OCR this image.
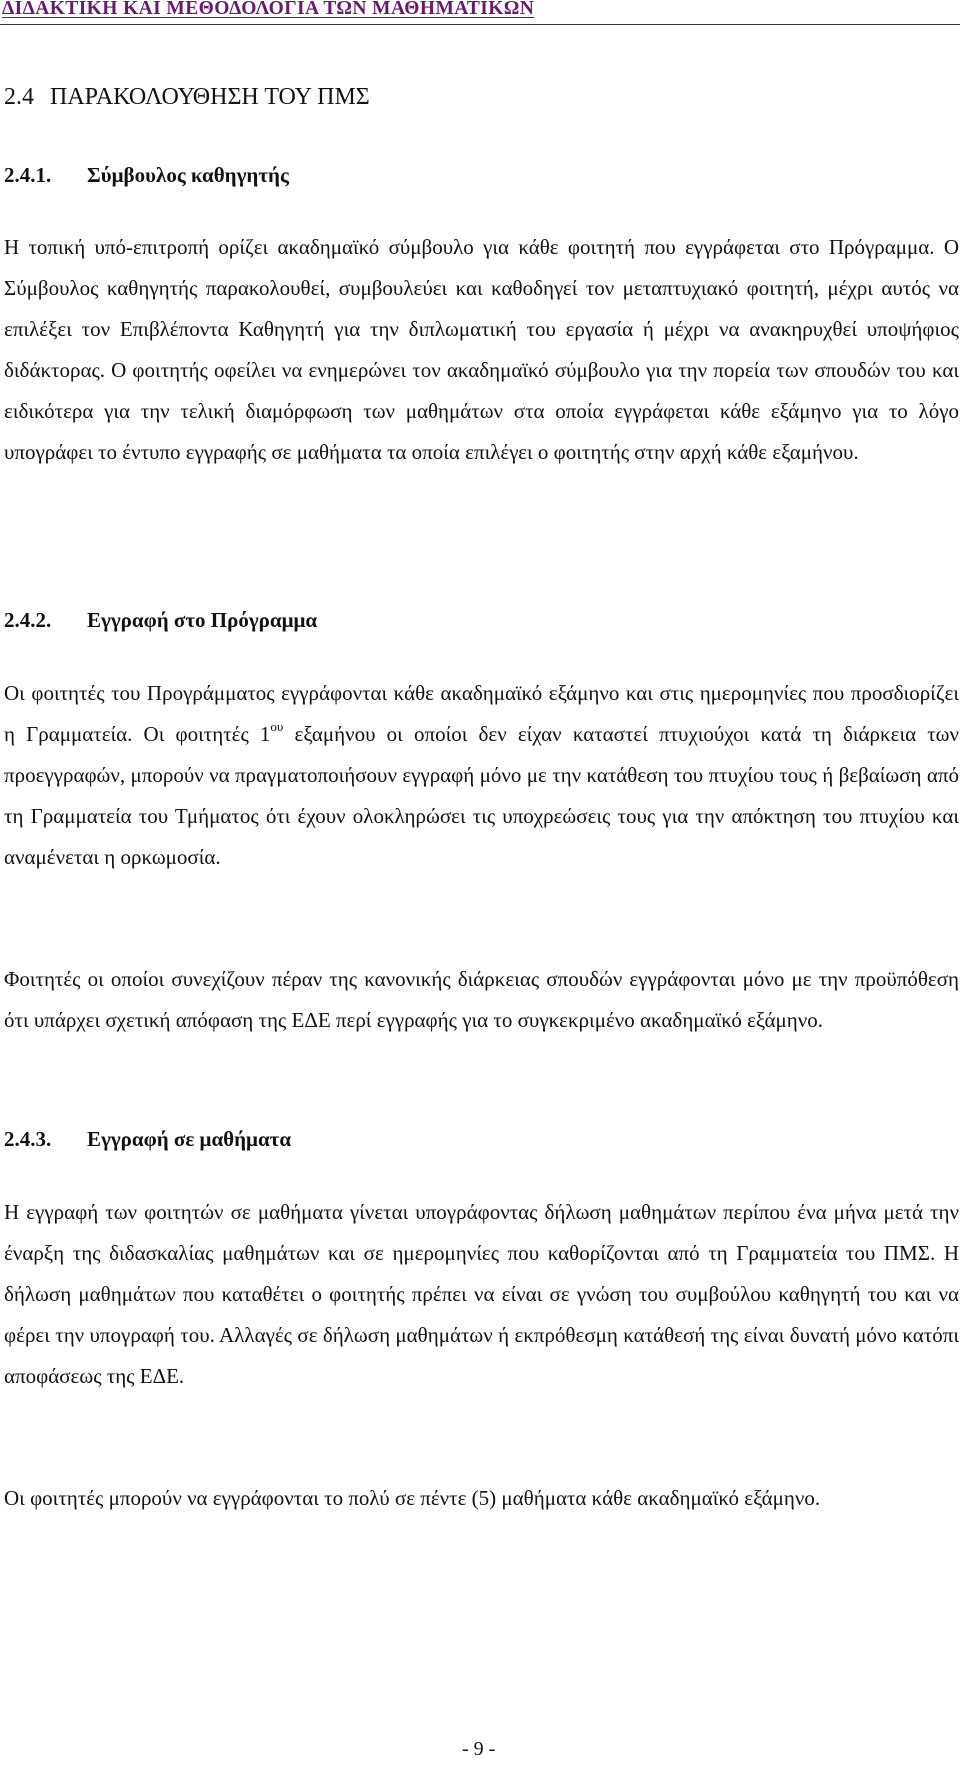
ΔΙΔΑΚΤΙΚΗ ΚΑΙ ΜΕΘΟΔΟΛΟΓΙΑ ΤΩΝ ΜΑΘΗΜΑΤΙΚΩΝ
2.4 ΠΑΡΑΚΟΛΟΥΘΗΣΗ ΤΟΥ ΠΜΣ
2.4.1. Σύμβουλος καθηγητής

Η τοπική υπό-επιτροπή ορίζει ακαδημαϊκό σύμβουλο για κάθε φοιτητή που εγγράφεται στο Πρόγραμμα. Ο Σύμβουλος καθηγητής παρακολουθεί, συμβουλεύει και καθοδηγεί τον μεταπτυχιακό φοιτητή, μέχρι αυτός να επιλέξει τον Επιβλέποντα Καθηγητή για την διπλωματική του εργασία ή μέχρι να ανακηρυχθεί υποψήφιος διδάκτορας. Ο φοιτητής οφείλει να ενημερώνει τον ακαδημαϊκό σύμβουλο για την πορεία των σπουδών του και ειδικότερα για την τελική διαμόρφωση των μαθημάτων στα οποία εγγράφεται κάθε εξάμηνο για το λόγο υπογράφει το έντυπο εγγραφής σε μαθήματα τα οποία επιλέγει ο φοιτητής στην αρχή κάθε εξαμήνου.

2.4.2. Εγγραφή στο Πρόγραμμα

Οι φοιτητές του Προγράμματος εγγράφονται κάθε ακαδημαϊκό εξάμηνο και στις ημερομηνίες που προσδιορίζει η Γραμματεία. Οι φοιτητές $1^{o\upsilon}$ εξαμήνου οι οποίοι δεν είχαν καταστεί πτυχιούχοι κατά τη διάρκεια των προεγγραφών, μπορούν να πραγματοποιήσουν εγγραφή μόνο με την κατάθεση του πτυχίου τους ή βεβαίωση από τη Γραμματεία του Τμήματος ότι έχουν ολοκληρώσει τις υποχρεώσεις τους για την απόκτηση του πτυχίου και αναμένεται η ορκωμοσία.

Φοιτητές οι οποίοι συνεχίζουν πέραν της κανονικής διάρκειας σπουδών εγγράφονται μόνο με την προϋπόθεση ότι υπάρχει σχετική απόφαση της ΕΔΕ περί εγγραφής για το συγκεκριμένο ακαδημαϊκό εξάμηνο.

2.4.3. Εγγραφή σε μαθήματα

Η εγγραφή των φοιτητών σε μαθήματα γίνεται υπογράφοντας δήλωση μαθημάτων περίπου ένα μήνα μετά την έναρξη της διδασκαλίας μαθημάτων και σε ημερομηνίες που καθορίζονται από τη Γραμματεία του ΠΜΣ. Η δήλωση μαθημάτων που καταθέτει ο φοιτητής πρέπει να είναι σε γνώση του συμβούλου καθηγητή του και να φέρει την υπογραφή του. Αλλαγές σε δήλωση μαθημάτων ή εκπρόθεσμη κατάθεσή της είναι δυνατή μόνο κατόπι αποφάσεως της ΕΔΕ.

Οι φοιτητές μπορούν να εγγράφονται το πολύ σε πέντε (5) μαθήματα κάθε ακαδημαϊκό εξάμηνο.

- 9 -
